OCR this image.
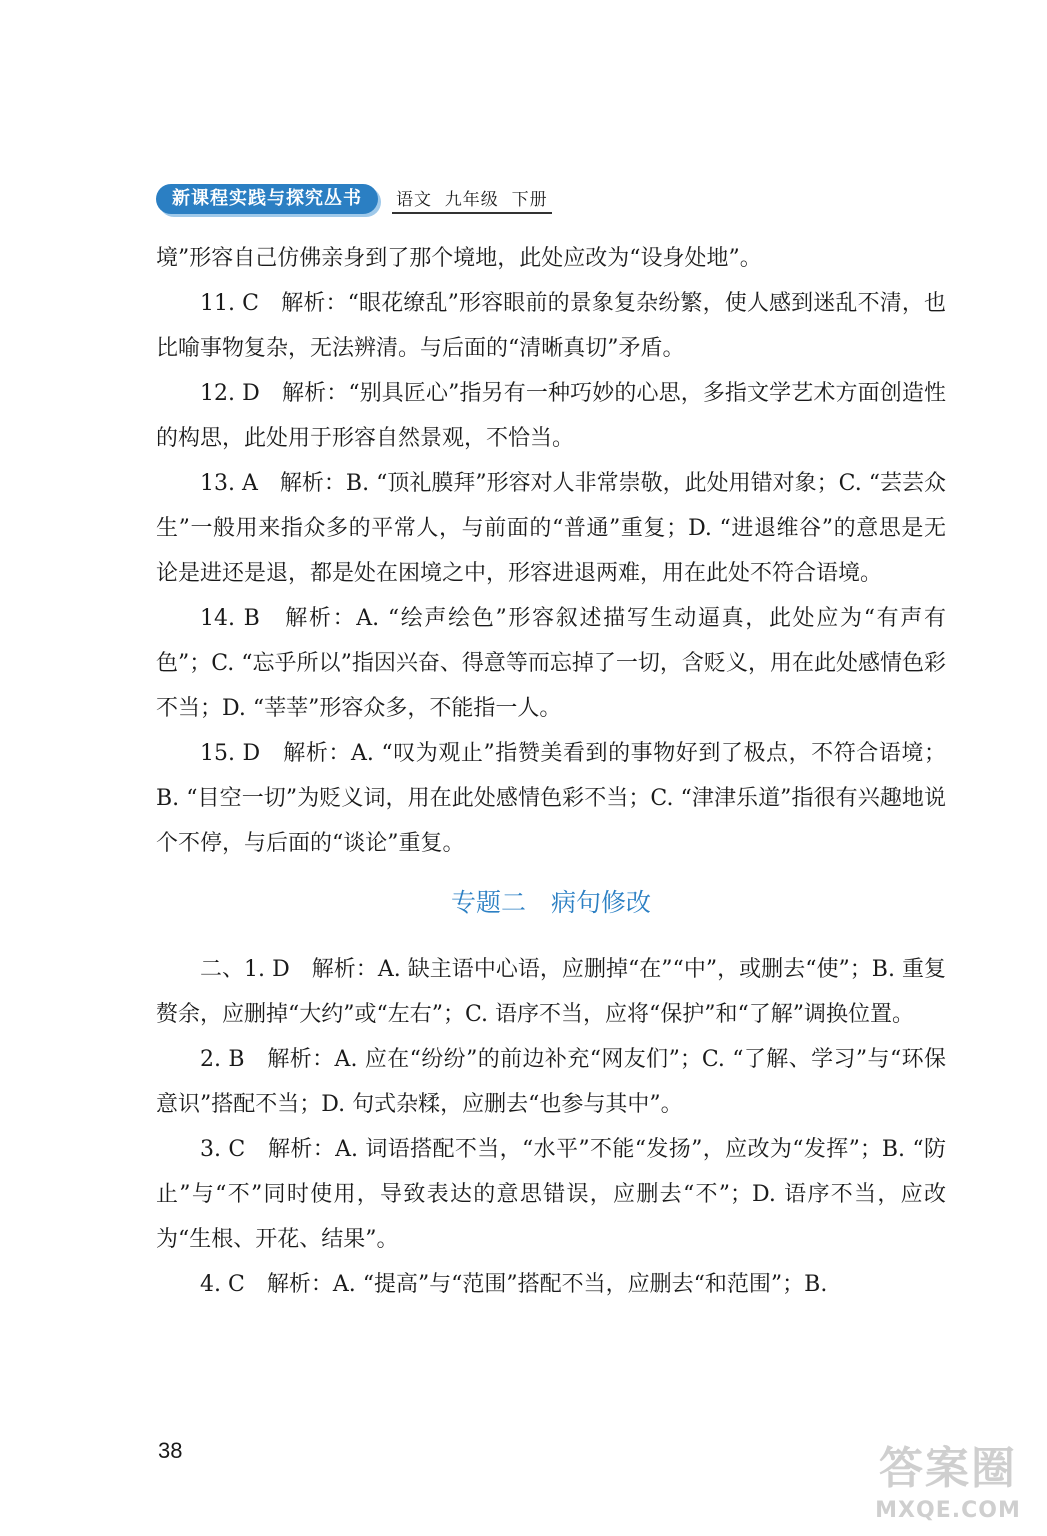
新课程实践与探究丛书	语文  九年级  下册

境”形容自己仿佛亲身到了那个境地，此处应改为“设身处地”。

11. C　解析：“眼花缭乱”形容眼前的景象复杂纷繁，使人感到迷乱不清，也比喻事物复杂，无法辨清。与后面的“清晰真切”矛盾。

12. D　解析：“别具匠心”指另有一种巧妙的心思，多指文学艺术方面创造性的构思，此处用于形容自然景观，不恰当。

13. A　解析：B. “顶礼膜拜”形容对人非常崇敬，此处用错对象；C. “芸芸众生”一般用来指众多的平常人，与前面的“普通”重复；D. “进退维谷”的意思是无论是进还是退，都是处在困境之中，形容进退两难，用在此处不符合语境。

14. B　解析：A. “绘声绘色”形容叙述描写生动逼真，此处应为“有声有色”；C. “忘乎所以”指因兴奋、得意等而忘掉了一切，含贬义，用在此处感情色彩不当；D. “莘莘”形容众多，不能指一人。

15. D　解析：A. “叹为观止”指赞美看到的事物好到了极点，不符合语境；B. “目空一切”为贬义词，用在此处感情色彩不当；C. “津津乐道”指很有兴趣地说个不停，与后面的“谈论”重复。

专题二　病句修改

二、1. D　解析：A. 缺主语中心语，应删掉“在”“中”，或删去“使”；B. 重复赘余，应删掉“大约”或“左右”；C. 语序不当，应将“保护”和“了解”调换位置。

2. B　解析：A. 应在“纷纷”的前边补充“网友们”；C. “了解、学习”与“环保意识”搭配不当；D. 句式杂糅，应删去“也参与其中”。

3. C　解析：A. 词语搭配不当，“水平”不能“发扬”，应改为“发挥”；B. “防止”与“不”同时使用，导致表达的意思错误，应删去“不”；D. 语序不当，应改为“生根、开花、结果”。

4. C　解析：A. “提高”与“范围”搭配不当，应删去“和范围”；B.

38	答案圈
MXQE.COM
